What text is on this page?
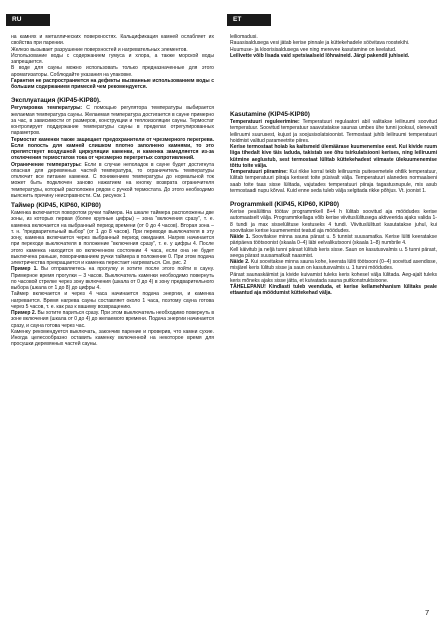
RU	ET

на камнях и металлических поверхностях. Кальцификация камней ослабляет их свойства при парении.

Железо вызывает разрушение поверхностей и нагревательных элементов.

Использование воды с содержанием гумуса и хлора, а также морской воды запрещается.

В воде для сауны можно использовать только предназначенные для этого ароматизаторы. Соблюдайте указания на упаковке.

Гарантия не распространяется на дефекты вызванные использованием воды с большим содержанием примесей чем рекомендуется.

Эксплуатация (KIP45-KIP80).

Регулировка температуры: С помощью регулятора температуры выбирается желаемая температура сауны. Желаемая температура достигается в сауне примерно за час, в зависимости от размеров, конструкции и теплоизоляции сауны. Термостат контролирует поддержание температуры сауны в пределах отрегулированных параметров.

Термостат каменки также защищает предохранители от чрезмерного перегрева. Если полость для камней слишком плотно заполнено камнями, то это препятствует воздушной циркуляции каменки, и каменка замедляется из-за отключения термостатом тока от чрезмерно перегретых сопротивлений.

Ограничение температуры: Если в случае неполадок в сауне будет достигнута опасная для деревянных частей температура, то ограничитель температуры отключит все питание каменки. С понижением температуры до нормальной ток может быть подключен заново нажатием на кнопку возврата ограничителя температуры, который расположен рядом с ручкой термостата. До этого необходимо выяснить причину неисправности. См. рисунок 1

Таймер (KIP45, KIP60, KIP80)

Каменка включается поворотом ручки таймера. На шкале таймера расположены две зоны, из которых первая (более крупные цифры) – зона “включения сразу”, т. е. каменка включается на выбранный период времени (от 0 до 4 часов). Вторая зона – т. н. “предварительный выбор” (от 1 до 8 часов). При переводе выключателя в эту зону, каменка включается через выбранный период ожидания. Нагрев начинается при переходе выключателя в положение “включения сразу”, т. е. у цифры 4. После этого каменка находится во включенном состоянии 4 часа, если она не будет выключена раньше, поворачиванием ручки таймера в положение 0. При этом подача электричества прекращается и каменка перестает нагреваться. См. рис. 2

Пример 1. Вы отправляетесь на прогулку и хотите после этого пойти в сауну. Примерное время прогулки – 3 часов. Выключатель каменки необходимо повернуть по часовой стрелке через зону включения (шкала от 0 до 4) в зону предварительного выбора (шкала от 1 до 8) до цифры 4.

Таймер включается и через 4 часа начинается подача энергии, и каменка нагревается. Время нагрева сауны составляет около 1 часа, поэтому сауна готова через 5 часов, т. е. как раз к вашему возвращению.

Пример 2. Вы хотите париться сразу. При этом выключатель необходимо повернуть в зоне включения (шкала от 0 до 4) до желаемого времени. Подача энергии начинается сразу, и сауна готова через час.

Каменку рекомендуется выключать, закончив парение и проверив, что камни сухие. Иногда целесообразно оставить каменку включенной на некоторое время для просушки деревянных частей сауны.

leiliomadusi.

Rauasisaldusega vesi jätab kerise pinnale ja küttekehadele söövitava roostekihi.

Huumuse- ja kloorisisaldusega vee ning merevee kasutamine on keelatud.

Leilivette võib lisada vaid spetsiaalseid lõhnaineid. Järgi pakendil juhiseid.

Kasutamine (KIP45-KIP80)

Temperatuuri reguleerimine: Temperatuuri regulaatori abil valitakse leiliruumi soovitud temperatuur. Soovitud temperatuur saavutatakse saunas umbes ühe tunni jooksul, olenevalt leiliruumi suurusest, kujust ja soojusisolatsioonist. Termostaat juhib leiliruumi temperatuuri hoidmist valitud parameetrite piires.

Kerise termostaat hoiab ka kaitsmeid ülemäärase kuumenemise eest. Kui kivide ruum liiga tihedalt kive täis laduda, takistab see õhu tsirkulatsiooni kerises, ning leiliruumi kütmine aeglustub, sest termostaat lülitab küttekehadest viimaste ülekuumenemise tõttu toite välja.

Temperatuuri piiramine: Kui rikke korral tekib leiliruumis puitesemetele ohtlik temperatuur, lülitab temperatuuri piiraja kerisest toite püsivalt välja. Temperatuuri alanedes normaalseni saab toite taas sisse lülitada, vajutades temperatuuri piiraja tagastusnupule, mis asub termostaadi nupu kõrval. Kuid enne seda tuleb välja selgitada rikke põhjus. Vt. joonist 1.

Programmkell (KIP45, KIP60, KIP80)

Kerise pealülitina töötav programmkell 8+4 h lülitab soovitud aja möödudes kerise automaatselt välja. Programmkellaga võib kerise viivituslülitusega aktiveerida ajaks valida 1-8 tundi ja max sisselülituse kestuseks 4 tundi. Viivituslülitust kasutatakse juhul, kui soovitakse kerise kuumenemist teatud aja möödudes.

Näide 1. Soovitakse minna sauna pärast u. 5 tunnist suusamatka. Kerise lüliti keeratakse päripäeva töötsoonist (skaala 0–4) läbi eelvalikutsooni (skaala 1–8) numbrile 4.

Kell käivitub ja neljä tunni pärast lülitub keris sisse. Saun on kasutusvalmis u. 5 tunni pärast, seega pärast suusamatkalt naasmist.

Näide 2. Kui soovitakse minna sauna kohe, keerata lüliti töötsooni (0–4) soovitud asendisse, misjärel keris lülitub sisse ja saun on kasutusvalmis u. 1 tunni möödudes.

Pärast saunaskäimist ja kivide kuivamist tuleks keris kohesel välja lülitada. Aeg-ajalt tuleks keris mõneks ajaks sisse jätta, et kuivatada sauna puitkonstruktsioone.

TÄHELEPANU! Kindlasti tuleb veenduda, et kerise kellamehhanism lülitaks peale ettaantud aja möödumist küttekehad välja.

7
